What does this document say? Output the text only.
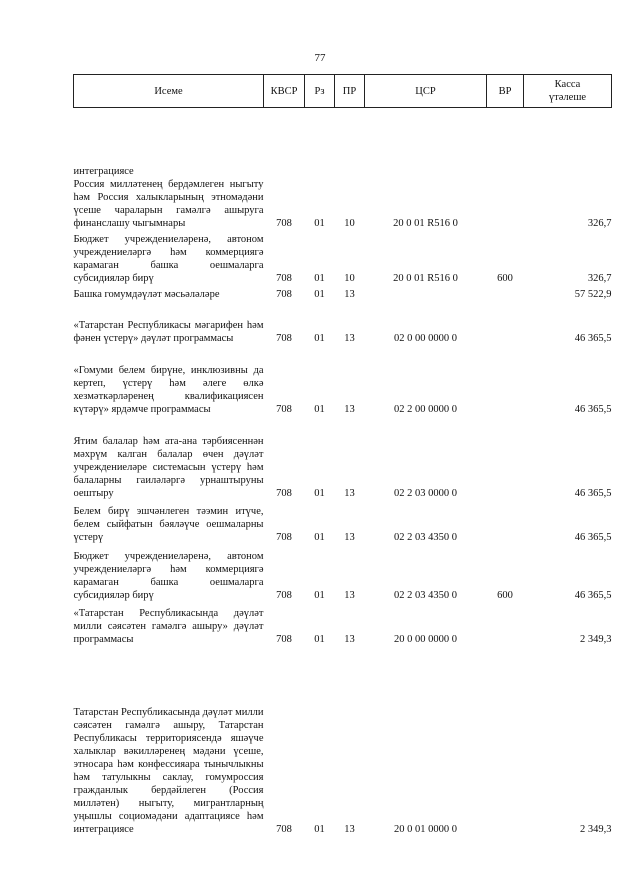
77
Исеме	КВСР	Рз	ПР	ЦСР	ВР	Касса
үтәлеше

интеграциясе
Россия милләтенең бердәмлеген ныгыту һәм Россия халыкларының этномәдәни үсеше чараларын гамәлгә ашыруга финанслашу чыгымнары	708	01	10	20 0 01 R516 0		326,7
Бюджет учреждениеләренә, автоном учреждениеләргә һәм коммерциягә карамаган башка оешмаларга субсидияләр бирү	708	01	10	20 0 01 R516 0	600	326,7
Башка гомумдәүләт мәсьәләләре	708	01	13			57 522,9
«Татарстан Республикасы мәгарифен һәм фәнен үстерү» дәүләт программасы	708	01	13	02 0 00 0000 0		46 365,5
«Гомуми белем бирүне, инклюзивны да кертеп, үстерү һәм әлеге өлкә хезмәткәрләренең квалификациясен күтәрү» ярдәмче программасы	708	01	13	02 2 00 0000 0		46 365,5
Ятим балалар һәм ата-ана тәрбиясеннән мәхрүм калган балалар өчен дәүләт учреждениеләре системасын үстерү һәм балаларны гаиләләргә урнаштыруны оештыру	708	01	13	02 2 03 0000 0		46 365,5
Белем бирү эшчәнлеген тәэмин итүче, белем сыйфатын бәяләүче оешмаларны үстерү	708	01	13	02 2 03 4350 0		46 365,5
Бюджет учреждениеләренә, автоном учреждениеләргә һәм коммерциягә карамаган башка оешмаларга субсидияләр бирү	708	01	13	02 2 03 4350 0	600	46 365,5
«Татарстан Республикасында дәүләт милли сәясәтен гамәлгә ашыру» дәүләт программасы	708	01	13	20 0 00 0000 0		2 349,3
Татарстан Республикасында дәүләт милли сәясәтен гамәлгә ашыру, Татарстан Республикасы территориясендә яшәүче халыклар вәкилләренең мәдәни үсеше, этносара һәм конфессияара тынычлыкны һәм татулыкны саклау, гомумроссия гражданлык бердәйлеген (Россия милләтен) ныгыту, мигрантларның уңышлы социомәдәни адаптациясе һәм интеграциясе	708	01	13	20 0 01 0000 0		2 349,3
